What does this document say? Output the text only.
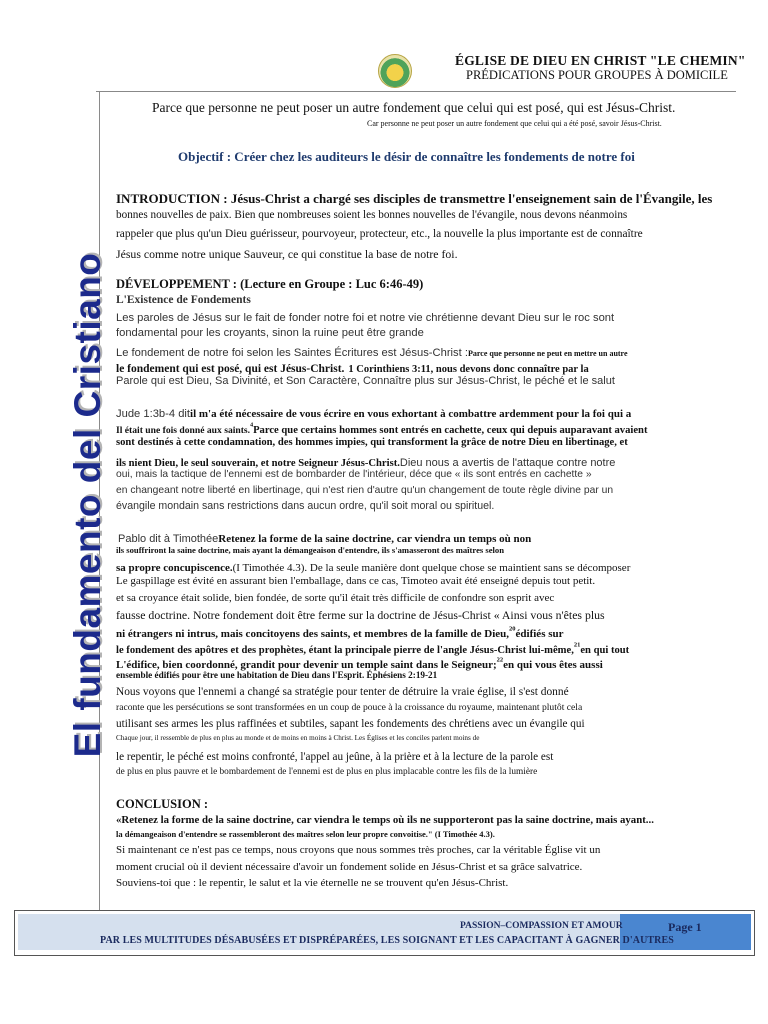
ÉGLISE DE DIEU EN CHRIST "LE CHEMIN"
PRÉDICATIONS POUR GROUPES À DOMICILE
El fundamento del Cristiano
Parce que personne ne peut poser un autre fondement que celui qui est posé, qui est Jésus-Christ.
Car personne ne peut poser un autre fondement que celui qui a été posé, savoir Jésus-Christ.
Objectif : Créer chez les auditeurs le désir de connaître les fondements de notre foi
INTRODUCTION : Jésus-Christ a chargé ses disciples de transmettre l'enseignement sain de l'Évangile, les
bonnes nouvelles de paix. Bien que nombreuses soient les bonnes nouvelles de l'évangile, nous devons néanmoins
rappeler que plus qu'un Dieu guérisseur, pourvoyeur, protecteur, etc., la nouvelle la plus importante est de connaître
Jésus comme notre unique Sauveur, ce qui constitue la base de notre foi.
DÉVELOPPEMENT : (Lecture en Groupe : Luc 6:46-49)
L'Existence de Fondements
Les paroles de Jésus sur le fait de fonder notre foi et notre vie chrétienne devant Dieu sur le roc sont
fondamental pour les croyants, sinon la ruine peut être grande
Le fondement de notre foi selon les Saintes Écritures est Jésus-Christ :Parce que personne ne peut en mettre un autre
le fondement qui est posé, qui est Jésus-Christ. 1 Corinthiens 3:11, nous devons donc connaître par la
Parole qui est Dieu, Sa Divinité, et Son Caractère, Connaître plus sur Jésus-Christ, le péché et le salut
Jude 1:3b-4 ditil m'a été nécessaire de vous écrire en vous exhortant à combattre ardemment pour la foi qui a
Il était une fois donné aux saints.$^4$Parce que certains hommes sont entrés en cachette, ceux qui depuis auparavant avaient
sont destinés à cette condamnation, des hommes impies, qui transforment la grâce de notre Dieu en libertinage, et
ils nient Dieu, le seul souverain, et notre Seigneur Jésus-Christ.Dieu nous a avertis de l'attaque contre notre
oui, mais la tactique de l'ennemi est de bombarder de l'intérieur, déce que « ils sont entrés en cachette »
en changeant notre liberté en libertinage, qui n'est rien d'autre qu'un changement de toute règle divine par un
évangile mondain sans restrictions dans aucun ordre, qu'il soit moral ou spirituel.
Pablo dit à TimothéeRetenez la forme de la saine doctrine, car viendra un temps où non
ils souffriront la saine doctrine, mais ayant la démangeaison d'entendre, ils s'amasseront des maîtres selon
sa propre concupiscence.(I Timothée 4.3). De la seule manière dont quelque chose se maintient sans se décomposer
Le gaspillage est évité en assurant bien l'emballage, dans ce cas, Timoteo avait été enseigné depuis tout petit.
et sa croyance était solide, bien fondée, de sorte qu'il était très difficile de confondre son esprit avec
fausse doctrine. Notre fondement doit être ferme sur la doctrine de Jésus-Christ « Ainsi vous n'êtes plus
ni étrangers ni intrus, mais concitoyens des saints, et membres de la famille de Dieu,$^{20}$édifiés sur
le fondement des apôtres et des prophètes, étant la principale pierre de l'angle Jésus-Christ lui-même,$^{21}$en qui tout
L'édifice, bien coordonné, grandit pour devenir un temple saint dans le Seigneur;$^{22}$en qui vous êtes aussi
ensemble édifiés pour être une habitation de Dieu dans l'Esprit. Éphésiens 2:19-21
Nous voyons que l'ennemi a changé sa stratégie pour tenter de détruire la vraie église, il s'est donné
raconte que les persécutions se sont transformées en un coup de pouce à la croissance du royaume, maintenant plutôt cela
utilisant ses armes les plus raffinées et subtiles, sapant les fondements des chrétiens avec un évangile qui
Chaque jour, il ressemble de plus en plus au monde et de moins en moins à Christ. Les Églises et les conciles parlent moins de
le repentir, le péché est moins confronté, l'appel au jeûne, à la prière et à la lecture de la parole est
de plus en plus pauvre et le bombardement de l'ennemi est de plus en plus implacable contre les fils de la lumière
CONCLUSION :
«Retenez la forme de la saine doctrine, car viendra le temps où ils ne supporteront pas la saine doctrine, mais ayant...
la démangeaison d'entendre se rassembleront des maîtres selon leur propre convoitise." (I Timothée 4.3).
Si maintenant ce n'est pas ce temps, nous croyons que nous sommes très proches, car la véritable Église vit un
moment crucial où il devient nécessaire d'avoir un fondement solide en Jésus-Christ et sa grâce salvatrice.
Souviens-toi que : le repentir, le salut et la vie éternelle ne se trouvent qu'en Jésus-Christ.
PASSION–COMPASSION ET AMOUR	Page 1
PAR LES MULTITUDES DÉSABUSÉES ET DISPRÉPARÉES, LES SOIGNANT ET LES CAPACITANT À GAGNER D'AUTRES
